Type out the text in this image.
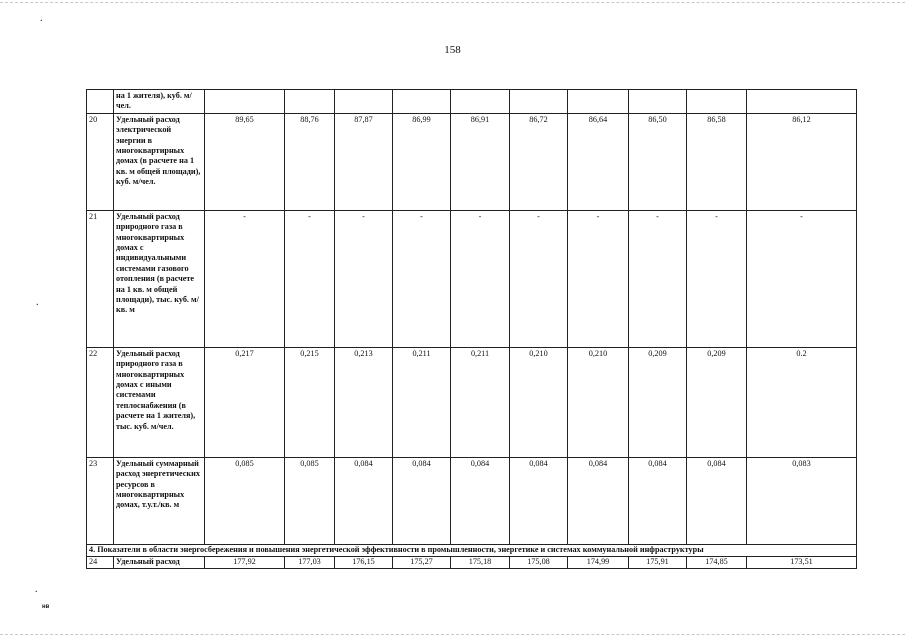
.
.
.
158
	на 1 жителя), куб. м/чел.										
20	Удельный расход электрической энергии в многоквартирных домах (в расчете на 1 кв. м общей площади), куб. м/чел.	89,65	88,76	87,87	86,99	86,91	86,72	86,64	86,50	86,58	86,12
21	Удельный расход природного газа в многоквартирных домах с индивидуальными системами газового отопления (в расчете на 1 кв. м общей площади), тыс. куб. м/кв. м	-	-	-	-	-	-	-	-	-	-
22	Удельный расход природного газа в многоквартирных домах с иными системами теплоснабжения (в расчете на 1 жителя), тыс. куб. м/чел.	0,217	0,215	0,213	0,211	0,211	0,210	0,210	0,209	0,209	0.2
23	Удельный суммарный расход энергетических ресурсов в многоквартирных домах, т.у.т./кв. м	0,085	0,085	0,084	0,084	0,084	0,084	0,084	0,084	0,084	0,083
4. Показатели в области энергосбережения и повышения энергетической эффективности в промышленности, энергетике и системах коммунальной инфраструктуры											
24	Удельный расход	177,92	177,03	176,15	175,27	175,18	175,08	174,99	175,91	174,85	173,51
нв
